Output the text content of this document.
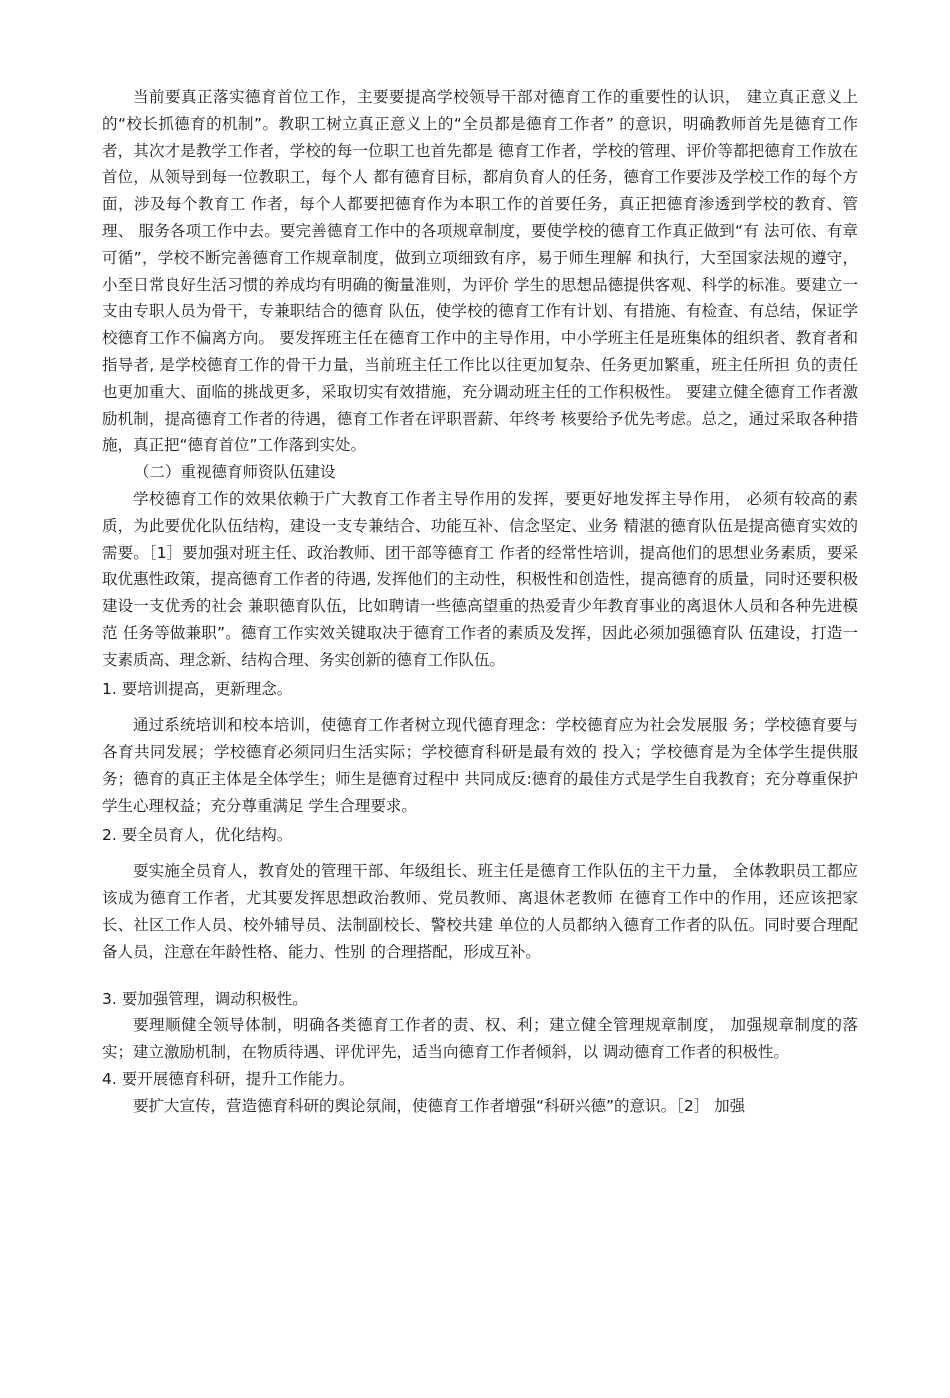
当前要真正落实德育首位工作，主要要提高学校领导干部对德育工作的重要性的认识， 建立真正意义上的“校长抓德育的机制”。教职工树立真正意义上的“全员都是德育工作者” 的意识，明确教师首先是德育工作者，其次才是教学工作者，学校的每一位职工也首先都是 德育工作者，学校的管理、评价等都把德育工作放在首位，从领导到每一位教职工，每个人 都有德育目标，都肩负育人的任务，德育工作要涉及学校工作的每个方面，涉及每个教育工 作者，每个人都要把德育作为本职工作的首要任务，真正把德育渗透到学校的教育、管理、 服务各项工作中去。要完善德育工作中的各项规章制度，要使学校的德育工作真正做到“有 法可依、有章可循”，学校不断完善德育工作规章制度，做到立项细致有序，易于师生理解 和执行，大至国家法规的遵守，小至日常良好生活习惯的养成均有明确的衡量准则，为评价 学生的思想品德提供客观、科学的标准。要建立一支由专职人员为骨干，专兼职结合的德育 队伍，使学校的德育工作有计划、有措施、有检查、有总结，保证学校德育工作不偏离方向。 要发挥班主任在德育工作中的主导作用，中小学班主任是班集体的组织者、教育者和指导者, 是学校德育工作的骨干力量，当前班主任工作比以往更加复杂、任务更加繁重，班主任所担 负的责任也更加重大、面临的挑战更多，采取切实有效措施，充分调动班主任的工作积极性。 要建立健全德育工作者激励机制，提高德育工作者的待遇，德育工作者在评职晋薪、年终考 核要给予优先考虑。总之，通过采取各种措施，真正把“德育首位”工作落到实处。

（二）重视德育师资队伍建设

学校德育工作的效果依赖于广大教育工作者主导作用的发挥，要更好地发挥主导作用， 必须有较高的素质，为此要优化队伍结构，建设一支专兼结合、功能互补、信念坚定、业务 精湛的德育队伍是提高德育实效的需要。［1］要加强对班主任、政治教师、团干部等德育工 作者的经常性培训，提高他们的思想业务素质，要采取优惠性政策，提高德育工作者的待遇, 发挥他们的主动性，积极性和创造性，提高德育的质量，同时还要积极建设一支优秀的社会 兼职德育队伍，比如聘请一些德高望重的热爱青少年教育事业的离退休人员和各种先进模范 任务等做兼职”。德育工作实效关键取决于德育工作者的素质及发挥，因此必须加强德育队 伍建设，打造一支素质高、理念新、结构合理、务实创新的德育工作队伍。

1. 要培训提高，更新理念。

通过系统培训和校本培训，使德育工作者树立现代德育理念：学校德育应为社会发展服 务；学校德育要与各育共同发展；学校德育必须同归生活实际；学校德育科研是最有效的 投入；学校德育是为全体学生提供服务；德育的真正主体是全体学生；师生是德育过程中 共同成反:德育的最佳方式是学生自我教育；充分尊重保护学生心理权益；充分尊重满足 学生合理要求。

2. 要全员育人，优化结构。

耍实施全员育人，教育处的管理干部、年级组长、班主任是德育工作队伍的主干力量， 全体教职员工都应该成为德育工作者，尤其要发挥思想政治教师、党员教师、离退休老教师 在德育工作中的作用，还应该把家长、社区工作人员、校外辅导员、法制副校长、警校共建 单位的人员都纳入德育工作者的队伍。同时要合理配备人员，注意在年龄性格、能力、性别 的合理搭配，形成互补。

3. 要加强管理，调动积极性。

要理顺健全领导体制，明确各类德育工作者的责、权、利；建立健全管理规章制度， 加强规章制度的落实；建立激励机制，在物质待遇、评优评先，适当向德育工作者倾斜，以 调动德育工作者的积极性。

4. 要开展德育科研，提升工作能力。

要扩大宣传，营造德育科研的舆论氛闹，使德育工作者增强“科研兴德”的意识。［2］ 加强
